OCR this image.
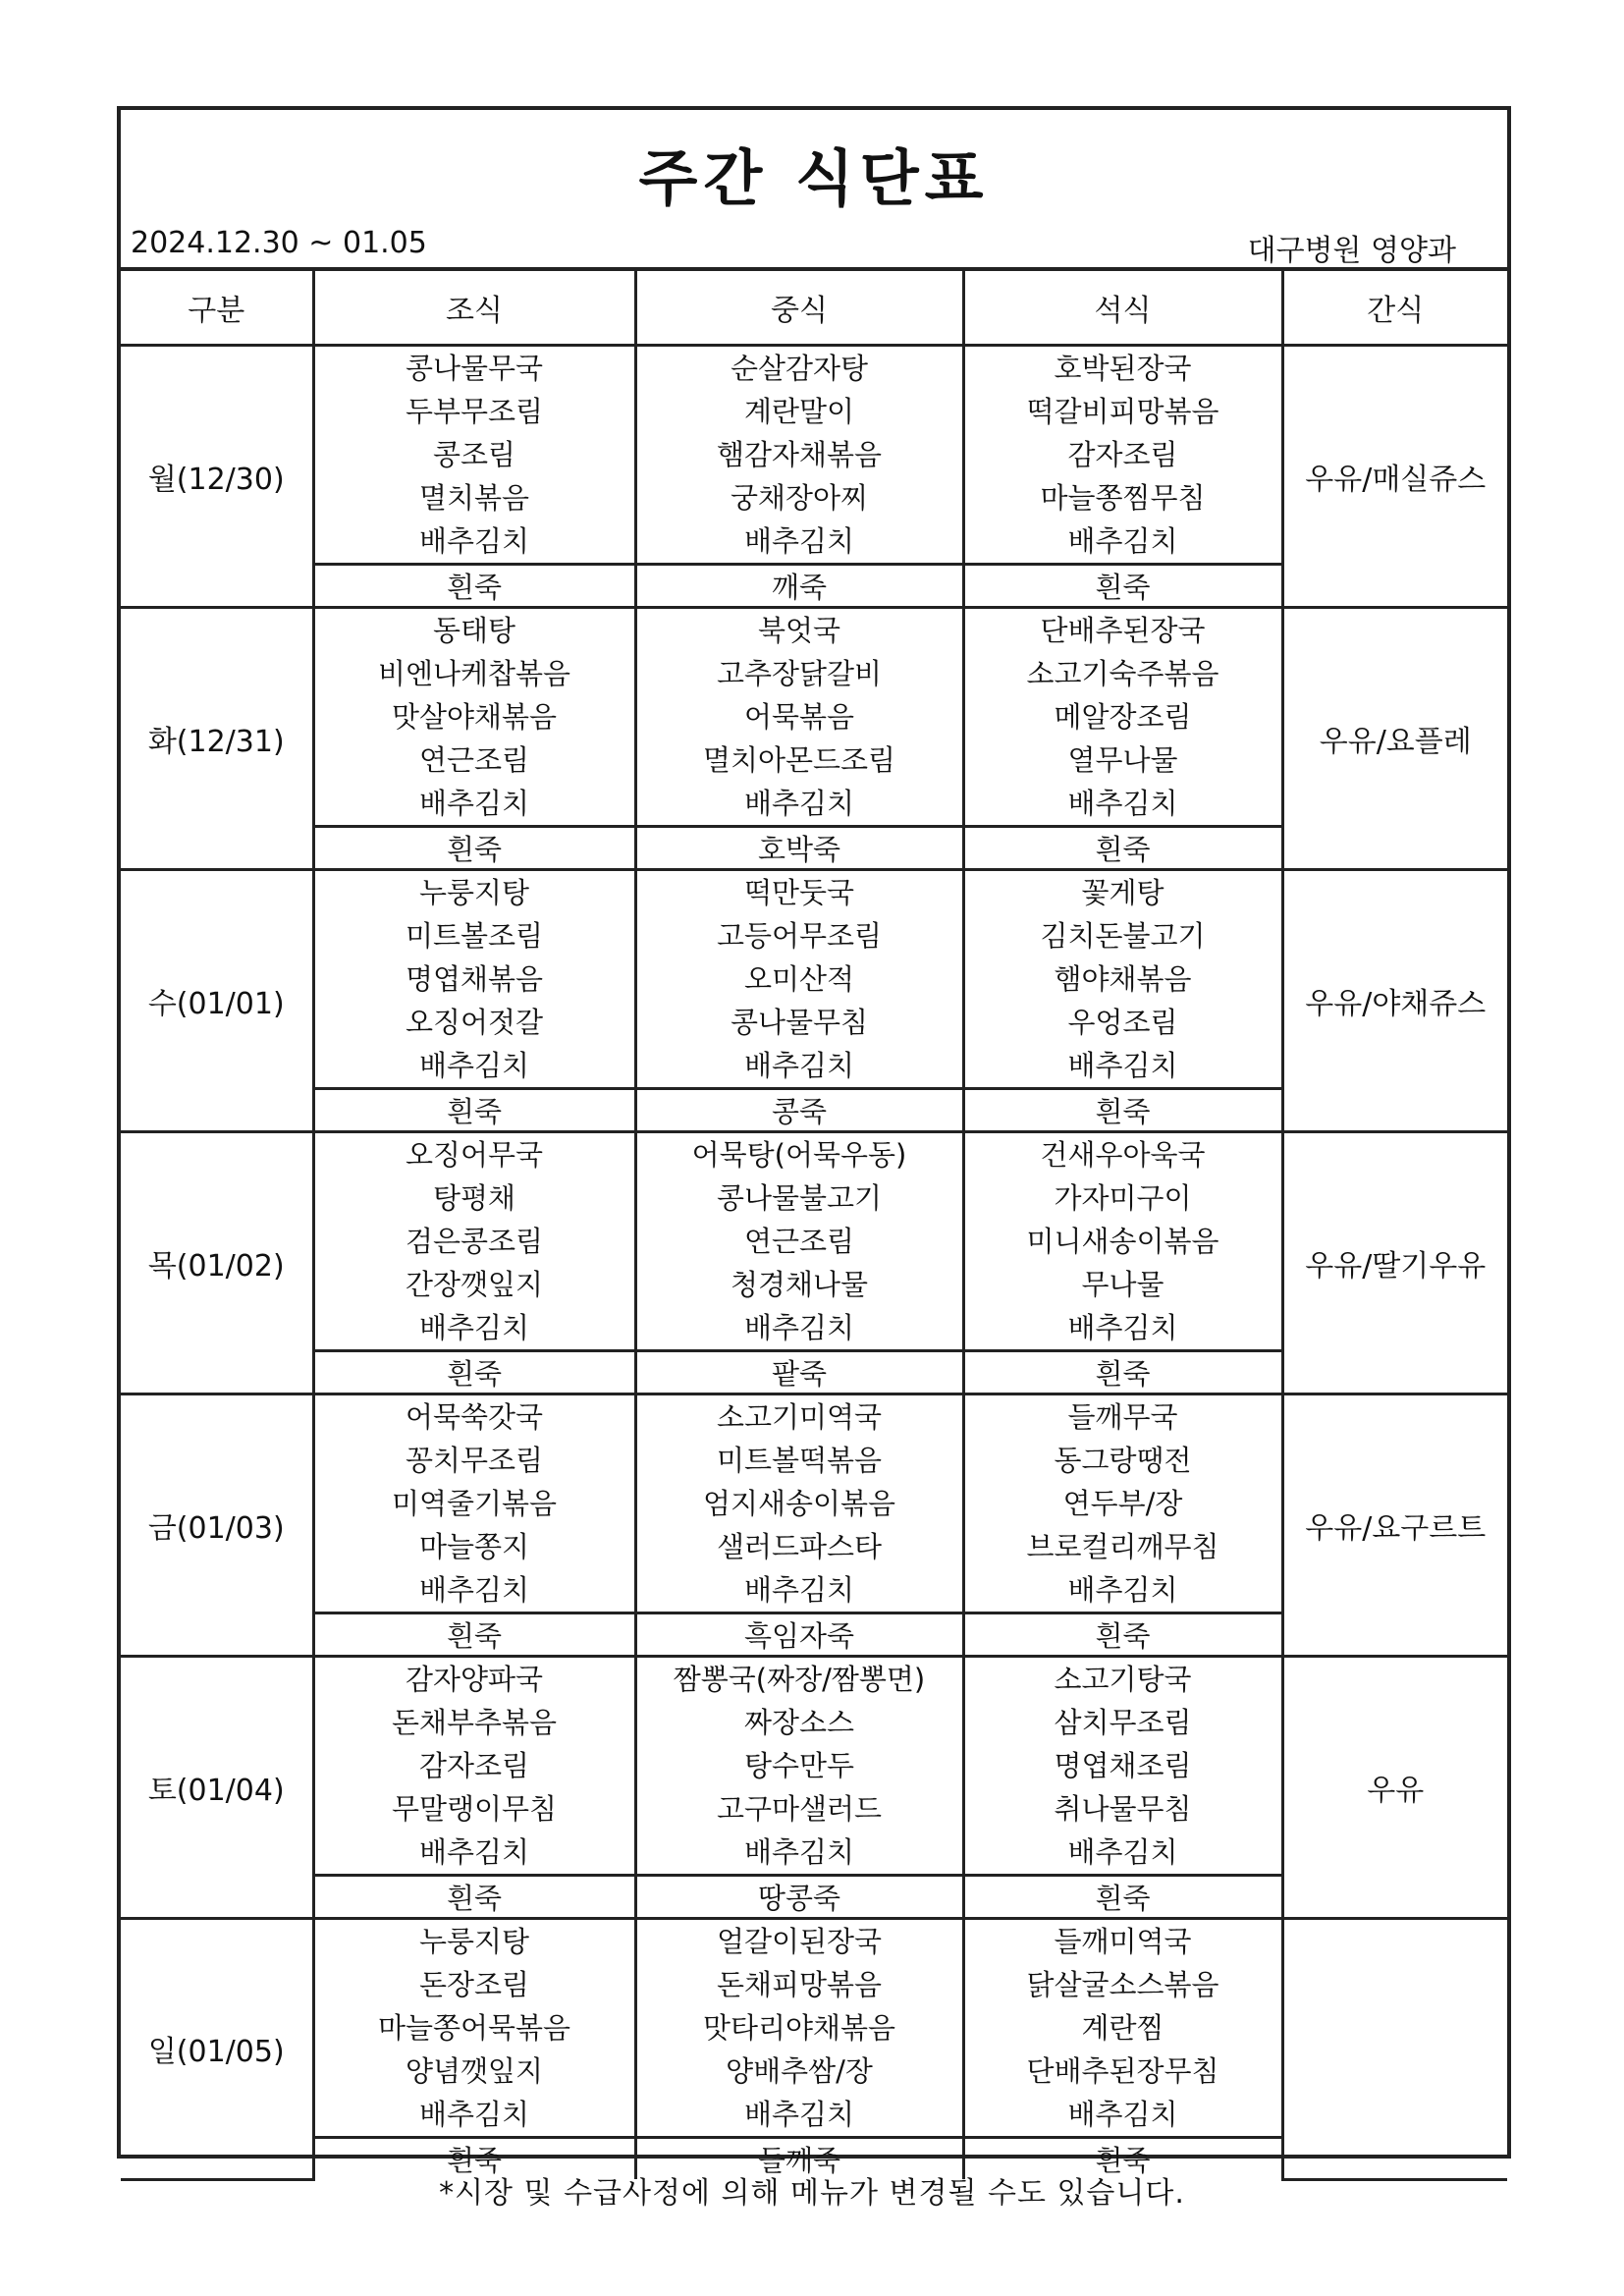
주간 식단표
2024.12.30 ~ 01.05	대구병원 영양과
구분	조식	중식	석식	간식
월(12/30)	콩나물무국
두부무조림
콩조림
멸치볶음
배추김치	순살감자탕
계란말이
햄감자채볶음
궁채장아찌
배추김치	호박된장국
떡갈비피망볶음
감자조림
마늘쫑찜무침
배추김치	우유/매실쥬스
	흰죽	깨죽	흰죽	
화(12/31)	동태탕
비엔나케찹볶음
맛살야채볶음
연근조림
배추김치	북엇국
고추장닭갈비
어묵볶음
멸치아몬드조림
배추김치	단배추된장국
소고기숙주볶음
메알장조림
열무나물
배추김치	우유/요플레
	흰죽	호박죽	흰죽	
수(01/01)	누룽지탕
미트볼조림
명엽채볶음
오징어젓갈
배추김치	떡만둣국
고등어무조림
오미산적
콩나물무침
배추김치	꽃게탕
김치돈불고기
햄야채볶음
우엉조림
배추김치	우유/야채쥬스
	흰죽	콩죽	흰죽	
목(01/02)	오징어무국
탕평채
검은콩조림
간장깻잎지
배추김치	어묵탕(어묵우동)
콩나물불고기
연근조림
청경채나물
배추김치	건새우아욱국
가자미구이
미니새송이볶음
무나물
배추김치	우유/딸기우유
	흰죽	팥죽	흰죽	
금(01/03)	어묵쑥갓국
꽁치무조림
미역줄기볶음
마늘쫑지
배추김치	소고기미역국
미트볼떡볶음
엄지새송이볶음
샐러드파스타
배추김치	들깨무국
동그랑땡전
연두부/장
브로컬리깨무침
배추김치	우유/요구르트
	흰죽	흑임자죽	흰죽	
토(01/04)	감자양파국
돈채부추볶음
감자조림
무말랭이무침
배추김치	짬뽕국(짜장/짬뽕면)
짜장소스
탕수만두
고구마샐러드
배추김치	소고기탕국
삼치무조림
명엽채조림
취나물무침
배추김치	우유
	흰죽	땅콩죽	흰죽	
일(01/05)	누룽지탕
돈장조림
마늘쫑어묵볶음
양념깻잎지
배추김치	얼갈이된장국
돈채피망볶음
맛타리야채볶음
양배추쌈/장
배추김치	들깨미역국
닭살굴소스볶음
계란찜
단배추된장무침
배추김치	

	흰죽	들깨죽	흰죽	
*시장 및 수급사정에 의해 메뉴가 변경될 수도 있습니다.
